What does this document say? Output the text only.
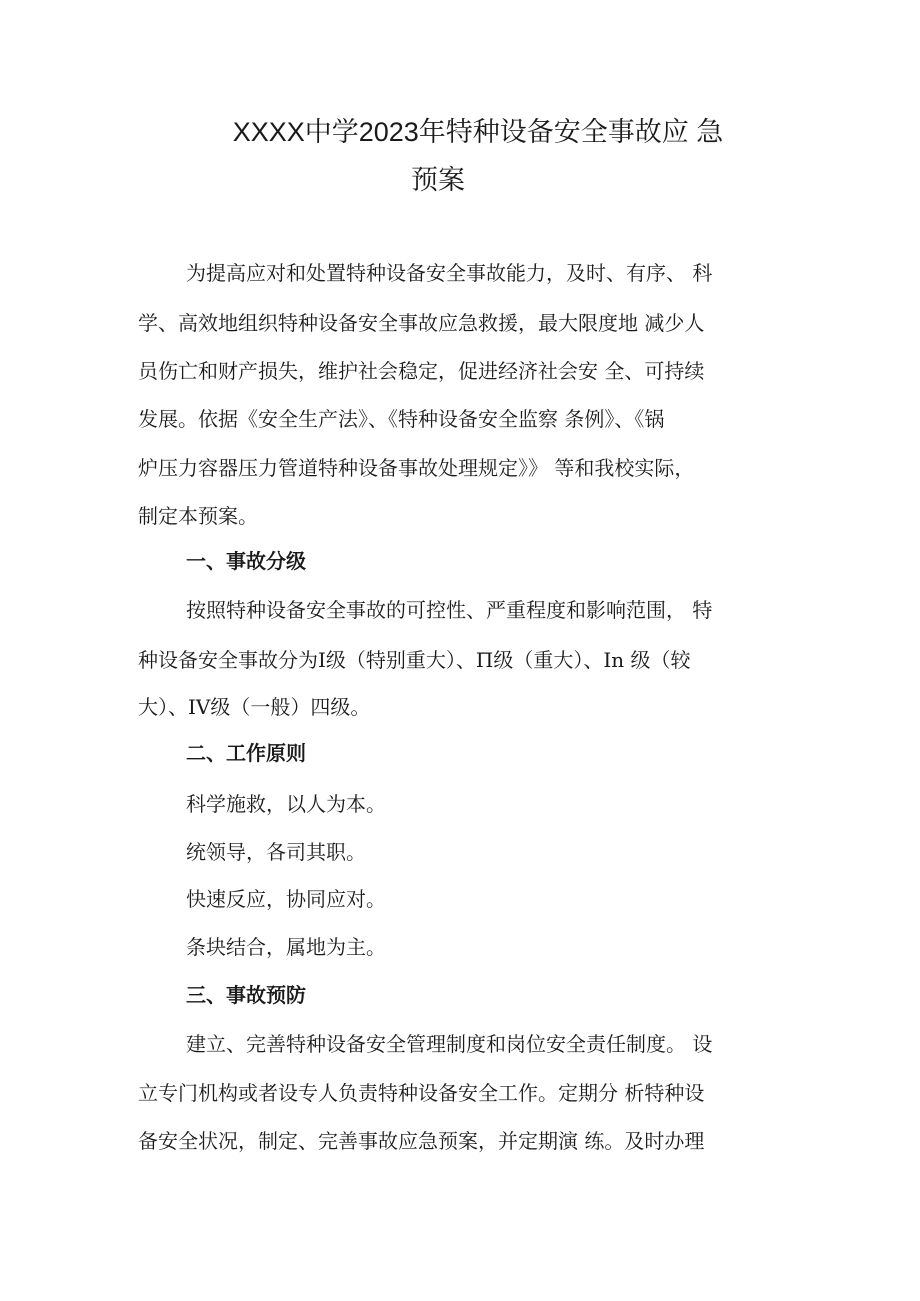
XXXX中学2023年特种设备安全事故应 急
预案
为提高应对和处置特种设备安全事故能力，及时、有序、 科
学、高效地组织特种设备安全事故应急救援，最大限度地 减少人
员伤亡和财产损失，维护社会稳定，促进经济社会安 全、可持续
发展。依据《安全生产法》、《特种设备安全监察 条例》、《锅
炉压力容器压力管道特种设备事故处理规定》》 等和我校实际，
制定本预案。
一、事故分级
按照特种设备安全事故的可控性、严重程度和影响范围， 特
种设备安全事故分为I级（特别重大）、Π级（重大）、In 级（较
大）、IV级（一般）四级。
二、工作原则
科学施救，以人为本。
统领导，各司其职。
快速反应，协同应对。
条块结合，属地为主。
三、事故预防
建立、完善特种设备安全管理制度和岗位安全责任制度。 设
立专门机构或者设专人负责特种设备安全工作。定期分 析特种设
备安全状况，制定、完善事故应急预案，并定期演 练。及时办理
